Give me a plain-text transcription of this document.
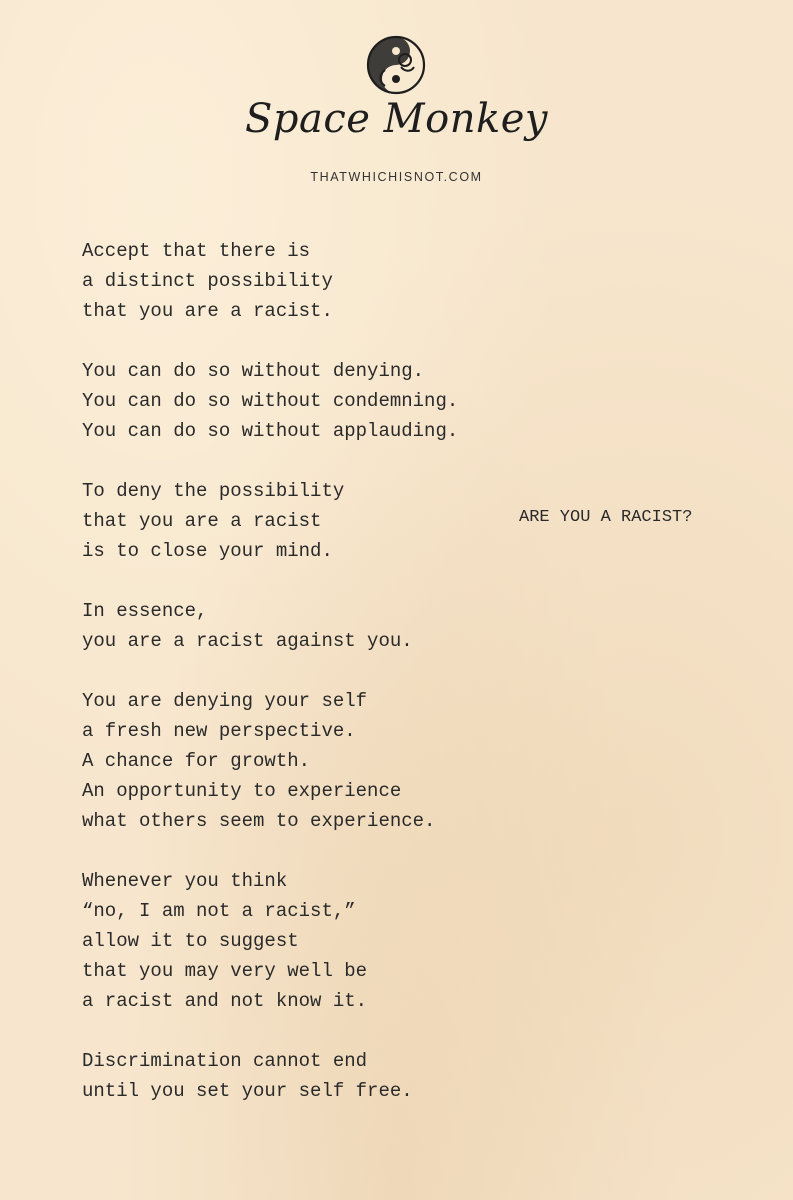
Space Monkey
THATWHICHISNOT.COM
Accept that there is
a distinct possibility
that you are a racist.
You can do so without denying.
You can do so without condemning.
You can do so without applauding.
To deny the possibility
that you are a racist
is to close your mind.
In essence,
you are a racist against you.
You are denying your self
a fresh new perspective.
A chance for growth.
An opportunity to experience
what others seem to experience.
Whenever you think
“no, I am not a racist,”
allow it to suggest
that you may very well be
a racist and not know it.
Discrimination cannot end
until you set your self free.
ARE YOU A RACIST?
